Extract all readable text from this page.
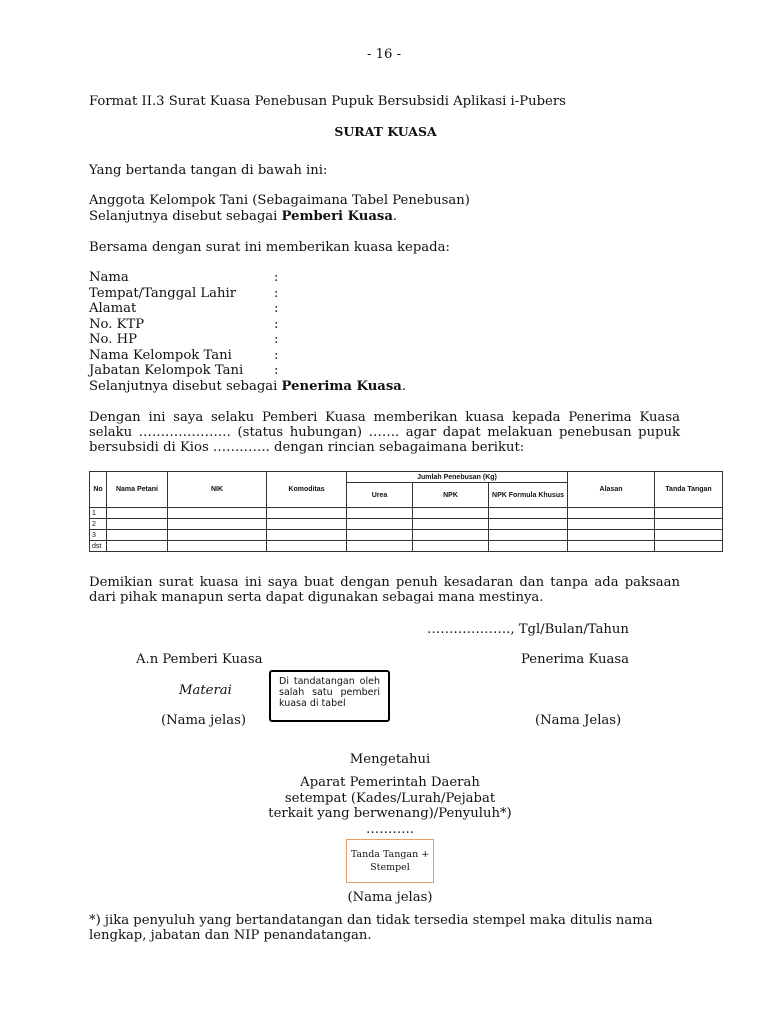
- 16 -
Format II.3 Surat Kuasa Penebusan Pupuk Bersubsidi Aplikasi i-Pubers
SURAT KUASA
Yang bertanda tangan di bawah ini:
Anggota Kelompok Tani (Sebagaimana Tabel Penebusan)
Selanjutnya disebut sebagai Pemberi Kuasa.
Bersama dengan surat ini memberikan kuasa kepada:
Nama	:
Tempat/Tanggal Lahir	:
Alamat	:
No. KTP	:
No. HP	:
Nama Kelompok Tani	:
Jabatan Kelompok Tani :
Selanjutnya disebut sebagai Penerima Kuasa.
Dengan ini saya selaku Pemberi Kuasa memberikan kuasa kepada Penerima Kuasa selaku ………………… (status hubungan) ……. agar dapat melakuan penebusan pupuk bersubsidi di Kios …………. dengan rincian sebagaimana berikut:
No	Nama Petani	NIK	Komoditas	Jumlah Penebusan (Kg)			Alasan	Tanda Tangan
				Urea	NPK	NPK Formula Khusus		
1								
2								
3								
dst								
Demikian surat kuasa ini saya buat dengan penuh kesadaran dan tanpa ada paksaan dari pihak manapun serta dapat digunakan sebagai mana mestinya.
………………., Tgl/Bulan/Tahun
A.n Pemberi Kuasa
Materai
(Nama jelas)
Di tandatangan oleh salah satu pemberi kuasa di tabel
Penerima Kuasa
(Nama Jelas)
Mengetahui
Aparat Pemerintah Daerah
setempat (Kades/Lurah/Pejabat
terkait yang berwenang)/Penyuluh*)
………..
Tanda Tangan +
Stempel
(Nama jelas)
*) jika penyuluh yang bertandatangan dan tidak tersedia stempel maka ditulis nama lengkap, jabatan dan NIP penandatangan.
